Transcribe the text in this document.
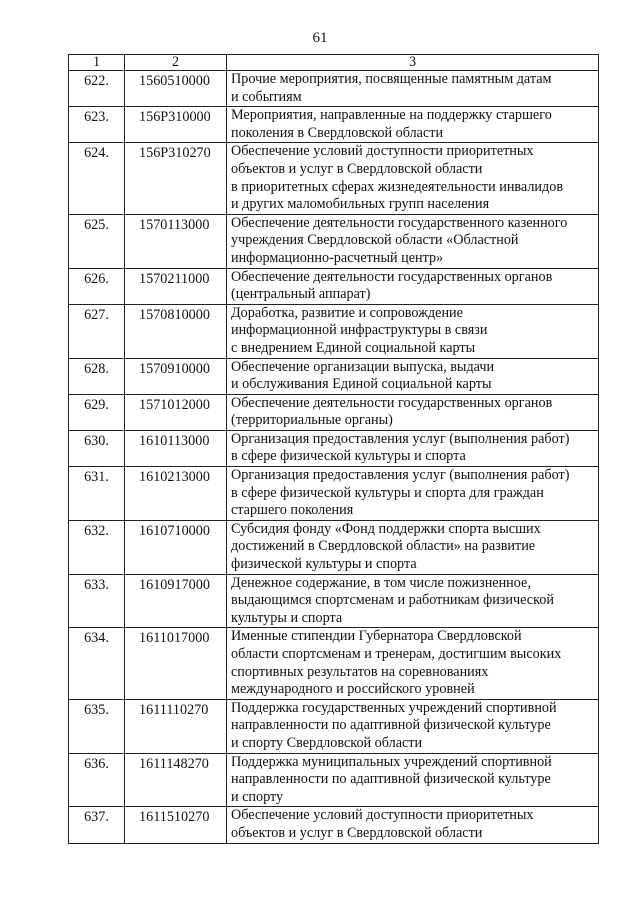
61
1	2	3
622.	1560510000	Прочие мероприятия, посвященные памятным датам
и событиям

623.	156Р310000	Мероприятия, направленные на поддержку старшего
поколения в Свердловской области

624.	156Р310270	Обеспечение условий доступности приоритетных
объектов и услуг в Свердловской области
в приоритетных сферах жизнедеятельности инвалидов
и других маломобильных групп населения

625.	1570113000	Обеспечение деятельности государственного казенного
учреждения Свердловской области «Областной
информационно-расчетный центр»

626.	1570211000	Обеспечение деятельности государственных органов
(центральный аппарат)

627.	1570810000	Доработка, развитие и сопровождение
информационной инфраструктуры в связи
с внедрением Единой социальной карты

628.	1570910000	Обеспечение организации выпуска, выдачи
и обслуживания Единой социальной карты

629.	1571012000	Обеспечение деятельности государственных органов
(территориальные органы)

630.	1610113000	Организация предоставления услуг (выполнения работ)
в сфере физической культуры и спорта

631.	1610213000	Организация предоставления услуг (выполнения работ)
в сфере физической культуры и спорта для граждан
старшего поколения

632.	1610710000	Субсидия фонду «Фонд поддержки спорта высших
достижений в Свердловской области» на развитие
физической культуры и спорта

633.	1610917000	Денежное содержание, в том числе пожизненное,
выдающимся спортсменам и работникам физической
культуры и спорта

634.	1611017000	Именные стипендии Губернатора Свердловской
области спортсменам и тренерам, достигшим высоких
спортивных результатов на соревнованиях
международного и российского уровней

635.	1611110270	Поддержка государственных учреждений спортивной
направленности по адаптивной физической культуре
и спорту Свердловской области

636.	1611148270	Поддержка муниципальных учреждений спортивной
направленности по адаптивной физической культуре
и спорту

637.	1611510270	Обеспечение условий доступности приоритетных
объектов и услуг в Свердловской области
